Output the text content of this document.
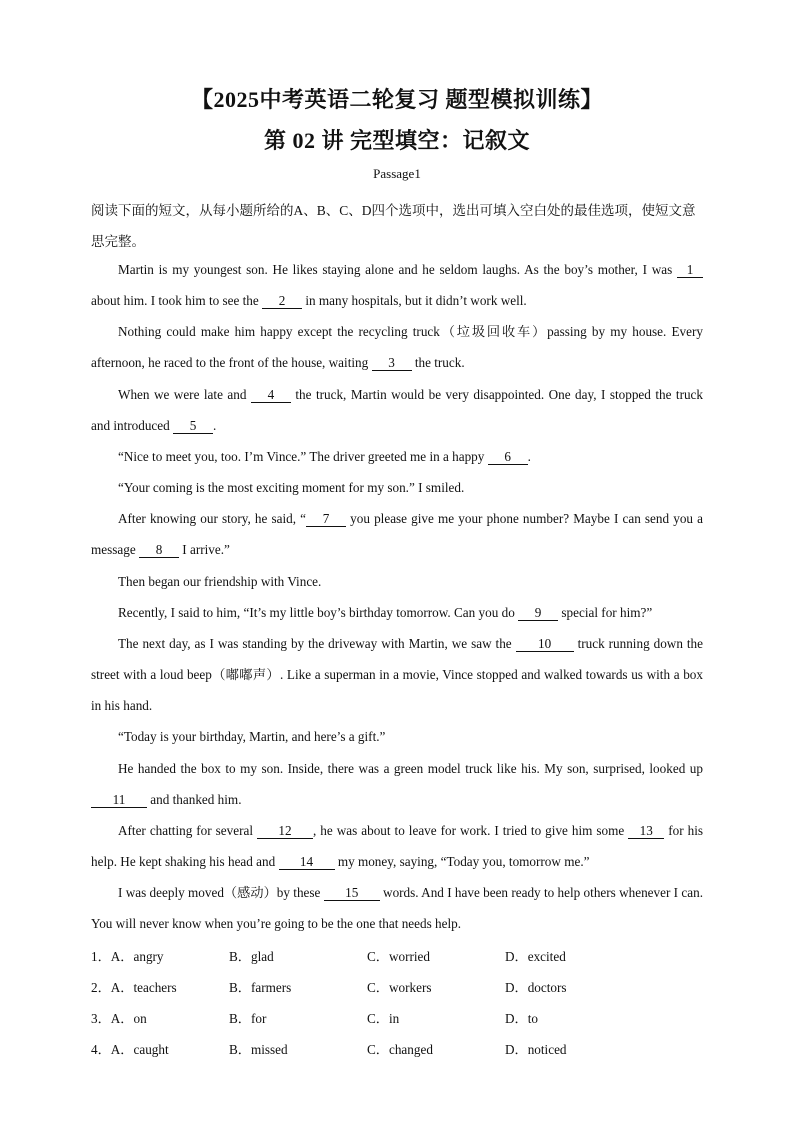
【2025中考英语二轮复习 题型模拟训练】
第 02 讲 完型填空：记叙文
Passage1
阅读下面的短文，从每小题所给的A、B、C、D四个选项中，选出可填入空白处的最佳选项，使短文意思完整。

Martin is my youngest son. He likes staying alone and he seldom laughs. As the boy’s mother, I was 1 about him. I took him to see the 2 in many hospitals, but it didn’t work well.

Nothing could make him happy except the recycling truck（垃圾回收车）passing by my house. Every afternoon, he raced to the front of the house, waiting 3 the truck.

When we were late and 4 the truck, Martin would be very disappointed. One day, I stopped the truck and introduced 5 .

“Nice to meet you, too. I’m Vince.” The driver greeted me in a happy 6 .

“Your coming is the most exciting moment for my son.” I smiled.

After knowing our story, he said, “ 7 you please give me your phone number? Maybe I can send you a message 8 I arrive.”

Then began our friendship with Vince.

Recently, I said to him, “It’s my little boy’s birthday tomorrow. Can you do 9 special for him?”

The next day, as I was standing by the driveway with Martin, we saw the 10 truck running down the street with a loud beep（嘟嘟声）. Like a superman in a movie, Vince stopped and walked towards us with a box in his hand.

“Today is your birthday, Martin, and here’s a gift.”

He handed the box to my son. Inside, there was a green model truck like his. My son, surprised, looked up 11 and thanked him.

After chatting for several 12 , he was about to leave for work. I tried to give him some 13 for his help. He kept shaking his head and 14 my money, saying, “Today you, tomorrow me.”

I was deeply moved（感动）by these 15 words. And I have been ready to help others whenever I can. You will never know when you’re going to be the one that needs help.

1．A．angry	B．glad	C．worried	D．excited
2．A．teachers	B．farmers	C．workers	D．doctors
3．A．on	B．for	C．in	D．to
4．A．caught	B．missed	C．changed	D．noticed
